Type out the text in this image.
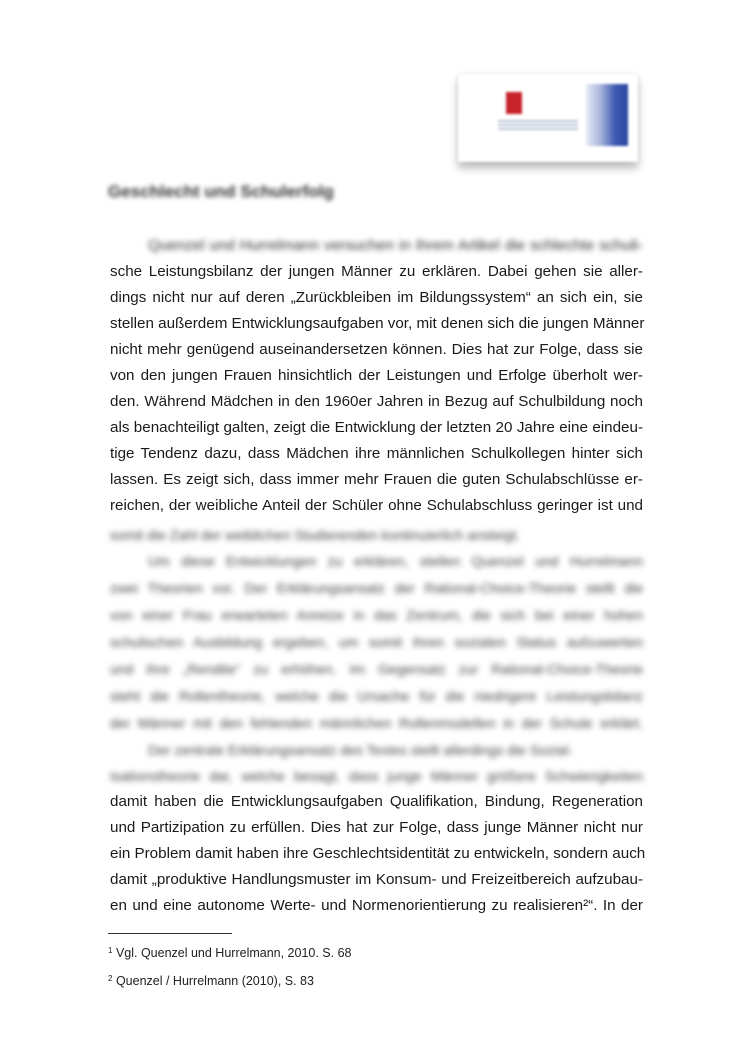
Geschlecht und Schulerfolg
Quenzel und Hurrelmann versuchen in ihrem Artikel die schlechte schuli-
sche Leistungsbilanz der jungen Männer zu erklären. Dabei gehen sie aller-
dings nicht nur auf deren „Zurückbleiben im Bildungssystem“ an sich ein, sie
stellen außerdem Entwicklungsaufgaben vor, mit denen sich die jungen Männer
nicht mehr genügend auseinandersetzen können. Dies hat zur Folge, dass sie
von den jungen Frauen hinsichtlich der Leistungen und Erfolge überholt wer-
den. Während Mädchen in den 1960er Jahren in Bezug auf Schulbildung noch
als benachteiligt galten, zeigt die Entwicklung der letzten 20 Jahre eine eindeu-
tige Tendenz dazu, dass Mädchen ihre männlichen Schulkollegen hinter sich
lassen. Es zeigt sich, dass immer mehr Frauen die guten Schulabschlüsse er-
reichen, der weibliche Anteil der Schüler ohne Schulabschluss geringer ist und
somit die Zahl der weiblichen Studierenden kontinuierlich ansteigt.
Um diese Entwicklungen zu erklären, stellen Quenzel und Hurrelmann
zwei Theorien vor. Der Erklärungsansatz der Rational-Choice-Theorie stellt die
von einer Frau erwarteten Anreize in das Zentrum, die sich bei einer hohen
schulischen Ausbildung ergeben, um somit ihren sozialen Status aufzuwerten
und ihre „Rendite“ zu erhöhen. Im Gegensatz zur Rational-Choice-Theorie
steht die Rollentheorie, welche die Ursache für die niedrigere Leistungsbilanz
der Männer mit den fehlenden männlichen Rollenmodellen in der Schule erklärt.
Der zentrale Erklärungsansatz des Textes stellt allerdings die Sozial-
isationstheorie dar, welche besagt, dass junge Männer größere Schwierigkeiten
damit haben die Entwicklungsaufgaben Qualifikation, Bindung, Regeneration
und Partizipation zu erfüllen. Dies hat zur Folge, dass junge Männer nicht nur
ein Problem damit haben ihre Geschlechtsidentität zu entwickeln, sondern auch
damit „produktive Handlungsmuster im Konsum- und Freizeitbereich aufzubau-
en und eine autonome Werte- und Normenorientierung zu realisieren²“. In der
$^1$ Vgl. Quenzel und Hurrelmann, 2010. S. 68
$^2$ Quenzel / Hurrelmann (2010), S. 83
